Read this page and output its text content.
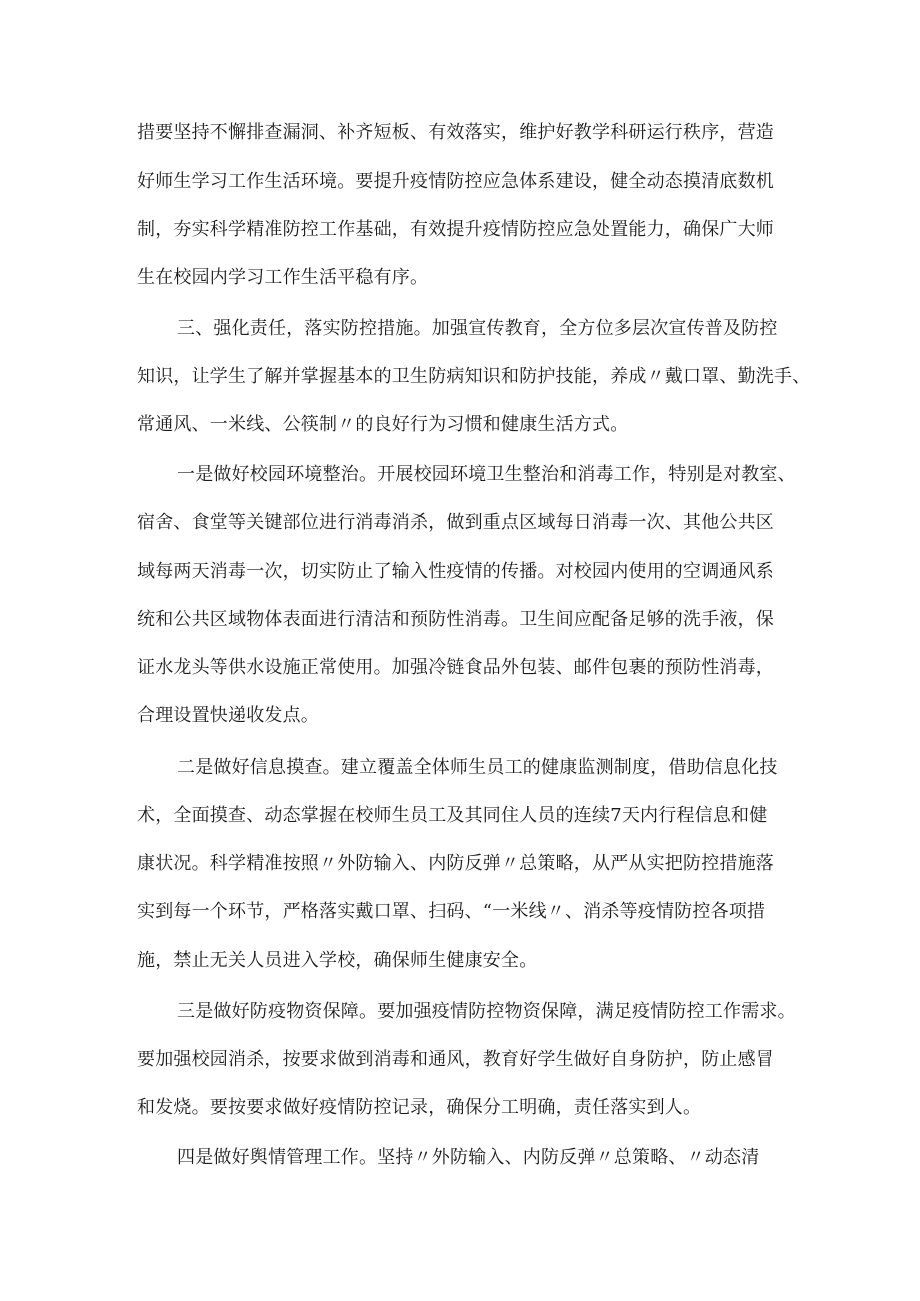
措要坚持不懈排查漏洞、补齐短板、有效落实，维护好教学科研运行秩序，营造
好师生学习工作生活环境。要提升疫情防控应急体系建设，健全动态摸清底数机
制，夯实科学精准防控工作基础，有效提升疫情防控应急处置能力，确保广大师
生在校园内学习工作生活平稳有序。
三、强化责任，落实防控措施。加强宣传教育，全方位多层次宣传普及防控
知识，让学生了解并掌握基本的卫生防病知识和防护技能，养成〃戴口罩、勤洗手、
常通风、一米线、公筷制〃的良好行为习惯和健康生活方式。
一是做好校园环境整治。开展校园环境卫生整治和消毒工作，特别是对教室、
宿舍、食堂等关键部位进行消毒消杀，做到重点区域每日消毒一次、其他公共区
域每两天消毒一次，切实防止了输入性疫情的传播。对校园内使用的空调通风系
统和公共区域物体表面进行清洁和预防性消毒。卫生间应配备足够的洗手液，保
证水龙头等供水设施正常使用。加强冷链食品外包装、邮件包裹的预防性消毒，
合理设置快递收发点。
二是做好信息摸查。建立覆盖全体师生员工的健康监测制度，借助信息化技
术，全面摸查、动态掌握在校师生员工及其同住人员的连续7天内行程信息和健
康状况。科学精准按照〃外防输入、内防反弹〃总策略，从严从实把防控措施落
实到每一个环节，严格落实戴口罩、扫码、“一米线〃、消杀等疫情防控各项措
施，禁止无关人员进入学校，确保师生健康安全。
三是做好防疫物资保障。要加强疫情防控物资保障，满足疫情防控工作需求。
要加强校园消杀，按要求做到消毒和通风，教育好学生做好自身防护，防止感冒
和发烧。要按要求做好疫情防控记录，确保分工明确，责任落实到人。
四是做好舆情管理工作。坚持〃外防输入、内防反弹〃总策略、〃动态清
